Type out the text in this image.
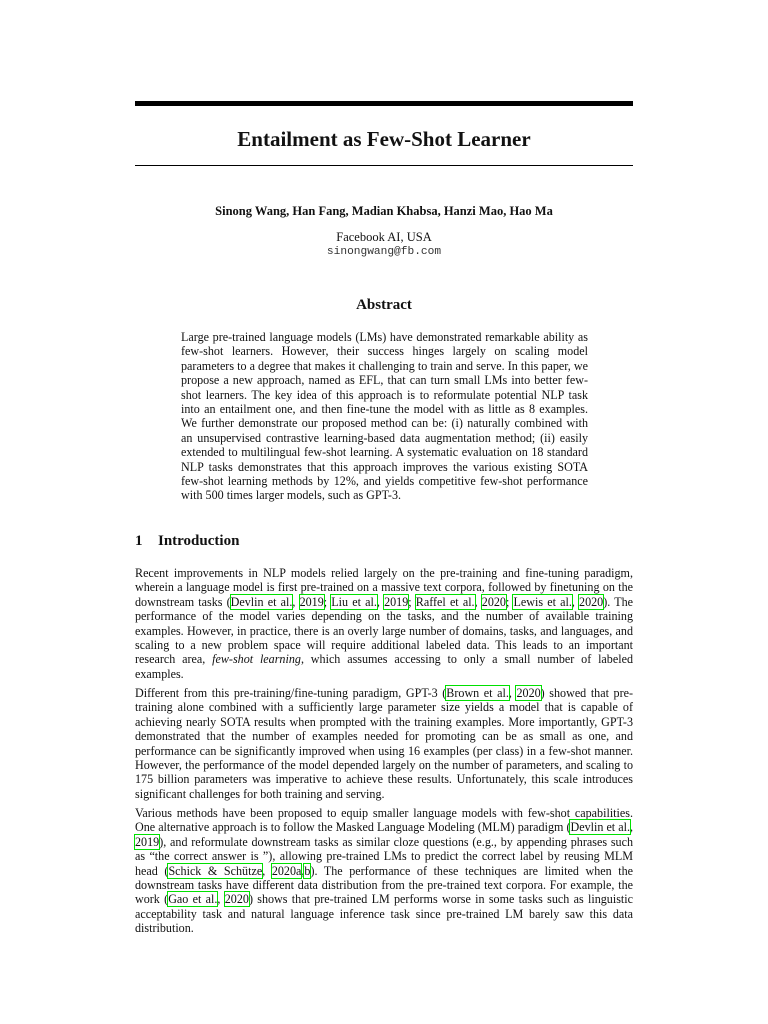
Entailment as Few-Shot Learner
Sinong Wang, Han Fang, Madian Khabsa, Hanzi Mao, Hao Ma
Facebook AI, USA
sinongwang@fb.com
Abstract
Large pre-trained language models (LMs) have demonstrated remarkable ability as few-shot learners. However, their success hinges largely on scaling model parameters to a degree that makes it challenging to train and serve. In this paper, we propose a new approach, named as EFL, that can turn small LMs into better few-shot learners. The key idea of this approach is to reformulate potential NLP task into an entailment one, and then fine-tune the model with as little as 8 examples. We further demonstrate our proposed method can be: (i) naturally combined with an unsupervised contrastive learning-based data augmentation method; (ii) easily extended to multilingual few-shot learning. A systematic evaluation on 18 standard NLP tasks demonstrates that this approach improves the various existing SOTA few-shot learning methods by 12%, and yields competitive few-shot performance with 500 times larger models, such as GPT-3.
1 Introduction
Recent improvements in NLP models relied largely on the pre-training and fine-tuning paradigm, wherein a language model is first pre-trained on a massive text corpora, followed by finetuning on the downstream tasks (Devlin et al., 2019; Liu et al., 2019; Raffel et al., 2020; Lewis et al., 2020). The performance of the model varies depending on the tasks, and the number of available training examples. However, in practice, there is an overly large number of domains, tasks, and languages, and scaling to a new problem space will require additional labeled data. This leads to an important research area, few-shot learning, which assumes accessing to only a small number of labeled examples.
Different from this pre-training/fine-tuning paradigm, GPT-3 (Brown et al., 2020) showed that pre-training alone combined with a sufficiently large parameter size yields a model that is capable of achieving nearly SOTA results when prompted with the training examples. More importantly, GPT-3 demonstrated that the number of examples needed for promoting can be as small as one, and performance can be significantly improved when using 16 examples (per class) in a few-shot manner. However, the performance of the model depended largely on the number of parameters, and scaling to 175 billion parameters was imperative to achieve these results. Unfortunately, this scale introduces significant challenges for both training and serving.
Various methods have been proposed to equip smaller language models with few-shot capabilities. One alternative approach is to follow the Masked Language Modeling (MLM) paradigm (Devlin et al., 2019), and reformulate downstream tasks as similar cloze questions (e.g., by appending phrases such as “the correct answer is ”), allowing pre-trained LMs to predict the correct label by reusing MLM head (Schick & Schütze, 2020a,b). The performance of these techniques are limited when the downstream tasks have different data distribution from the pre-trained text corpora. For example, the work (Gao et al., 2020) shows that pre-trained LM performs worse in some tasks such as linguistic acceptability task and natural language inference task since pre-trained LM barely saw this data distribution.
